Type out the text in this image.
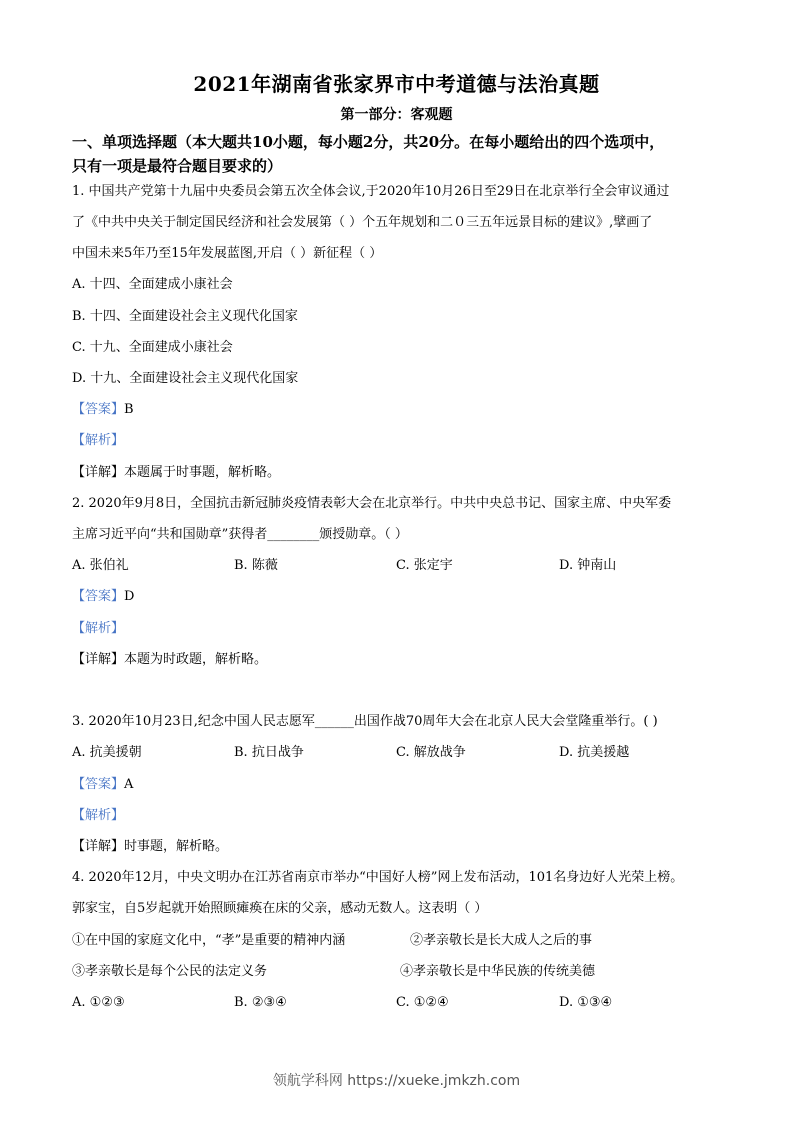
2021年湖南省张家界市中考道德与法治真题
第一部分：客观题
一、单项选择题（本大题共10小题，每小题2分，共20分。在每小题给出的四个选项中，
只有一项是最符合题目要求的）
1. 中国共产党第十九届中央委员会第五次全体会议,于2020年10月26日至29日在北京举行全会审议通过
了《中共中央关于制定国民经济和社会发展第（ ）个五年规划和二０三五年远景目标的建议》,擘画了
中国未来5年乃至15年发展蓝图,开启（ ）新征程（ ）
A. 十四、全面建成小康社会
B. 十四、全面建设社会主义现代化国家
C. 十九、全面建成小康社会
D. 十九、全面建设社会主义现代化国家
【答案】B
【解析】
【详解】本题属于时事题，解析略。
2. 2020年9月8日，全国抗击新冠肺炎疫情表彰大会在北京举行。中共中央总书记、国家主席、中央军委
主席习近平向“共和国勋章”获得者________颁授勋章。（ ）
A. 张伯礼	B. 陈薇	C. 张定宇	D. 钟南山
【答案】D
【解析】
【详解】本题为时政题，解析略。
3. 2020年10月23日,纪念中国人民志愿军______出国作战70周年大会在北京人民大会堂隆重举行。( )
A. 抗美援朝	B. 抗日战争	C. 解放战争	D. 抗美援越
【答案】A
【解析】
【详解】时事题，解析略。
4. 2020年12月，中央文明办在江苏省南京市举办“中国好人榜”网上发布活动，101名身边好人光荣上榜。
郭家宝，自5岁起就开始照顾瘫痪在床的父亲，感动无数人。这表明（ ）
①在中国的家庭文化中，“孝”是重要的精神内涵	②孝亲敬长是长大成人之后的事
③孝亲敬长是每个公民的法定义务	④孝亲敬长是中华民族的传统美德
A. ①②③	B. ②③④	C. ①②④	D. ①③④
领航学科网 https://xueke.jmkzh.com
